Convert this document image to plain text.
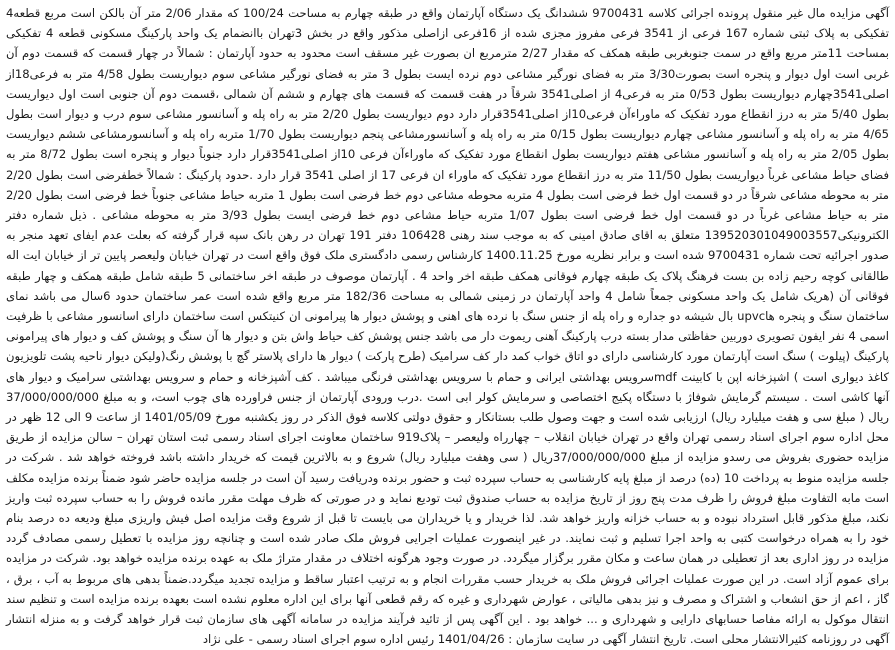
آگهی مزایده مال غیر منقول پرونده اجرائی کلاسه 9700431 ششدانگ یک دستگاه آپارتمان واقع در طبقه چهارم به مساحت 100/24 که مقدار 2/06 متر آن بالکن است مربع قطعه4 تفکیکی به پلاک ثبتی شماره 167 فرعی از 3541 فرعی مفروز مجزی شده از 16فرعی ازاصلی مذکور واقع در بخش 3تهران باانضمام یک واحد پارکینگ مسکونی قطعه 4 تفکیکی بمساحت 11متر مربع واقع در سمت جنوبغربی طبقه همکف که مقدار 2/27 مترمربع ان بصورت غیر مسقف است محدود به حدود آپارتمان : شمالاً در چهار قسمت که قسمت دوم آن غربی است اول دیوار و پنجره است بصورت3/30 متر به فضای نورگیر مشاعی دوم نرده ایست بطول 3 متر به فضای نورگیر مشاعی سوم دیواریست بطول 4/58 متر به فرعی18از اصلی3541چهارم دیواریست بطول 0/53 متر به فرعی4 از اصلی3541 شرقاً در هفت قسمت که قسمت های چهارم و ششم آن شمالی ،قسمت دوم آن جنوبی است اول دیواریست بطول 5/40 متر به درز انقطاع مورد تفکیک که ماوراءآن فرعی10از اصلی3541قرار دارد دوم دیواریست بطول 2/20 متر به راه پله و آسانسور مشاعی سوم درب و دیوار است بطول 4/65 متر به راه پله و آسانسور مشاعی چهارم دیواریست بطول 0/15 متر به راه پله و آسانسورمشاعی پنجم دیواریست بطول 1/70 متربه راه پله و آسانسورمشاعی ششم دیواریست بطول 2/05 متر به راه پله و آسانسور مشاعی هفتم دیواریست بطول انقطاع مورد تفکیک که ماوراءآن فرعی 10از اصلی3541قرار دارد جنوباً دیوار و پنجره است بطول 8/72 متر به فضای حیاط مشاعی غرباً دیواریست بطول 11/50 متر به درز انقطاع مورد تفکیک که ماوراء ان فرعی 17 از اصلی 3541 قرار دارد .حدود پارکینگ : شمالاً خطفرضی است بطول 2/20 متر به محوطه مشاعی شرقاً در دو قسمت اول خط فرضی است بطول 4 متربه محوطه مشاعی دوم خط فرضی است بطول 1 متربه حیاط مشاعی جنوباً خط فرضی است بطول 2/20 متر به حیاط مشاعی غرباً در دو قسمت اول خط فرضی است بطول 1/07 متربه حیاط مشاعی دوم خط فرضی ایست بطول 3/93 متر به محوطه مشاعی . ذیل شماره دفتر الکترونیکی139520301049003557 متعلق به اقای صادق امینی که به موجب سند رهنی 106428 دفتر 191 تهران در رهن بانک سپه قرار گرفته که بعلت عدم ایفای تعهد منجر به صدور اجرائیه تحت شماره 9700431 شده است و برابر نظریه مورخ 1400.11.25 کارشناس رسمی دادگستری ملک فوق واقع است در تهران خیابان ولیعصر پایین تر از خیابان ایت اله طالقانی کوچه رحیم زاده بن بست فرهنگ پلاک یک طبقه چهارم فوقانی همکف طبقه اخر واحد 4 . آپارتمان موصوف در طبقه اخر ساختمانی 5 طبقه شامل طبقه همکف و چهار طبقه فوقانی آن (هریک شامل یک واحد مسکونی جمعاً شامل 4 واحد آپارتمان در زمینی شمالی به مساحت 182/36 متر مربع واقع شده است عمر ساختمان حدود 6سال می باشد نمای ساختمان سنگ و پنجره هاupvc بال شیشه دو جداره و راه پله از جنس سنگ با نرده های اهنی و پوشش دیوار ها پیرامونی ان کنیتکس است ساختمان دارای اسانسور مشاعی با ظرفیت اسمی 4 نفر ایفون تصویری دوربین حفاظتی مدار بسته درب پارکینگ آهنی ریموت دار می باشد جنس پوشش کف حیاط واش بتن و دیوار ها آن سنگ و پوشش کف و دیوار های پیرامونی پارکینگ (پیلوت ) سنگ است آپارتمان مورد کارشناسی دارای دو اتاق خواب کمد دار کف سرامیک (طرح پارکت ) دیوار ها دارای پلاستر گچ با پوشش رنگ(ولیکن دیوار ناحیه پشت تلویزیون کاغذ دیواری است ) اشپزخانه اپن با کابینت mdfسرویس بهداشتی ایرانی و حمام با سرویس بهداشتی فرنگی میباشد . کف آشپزخانه و حمام و سرویس بهداشتی سرامیک و دیوار های آنها کاشی است . سیستم گرمایش شوفاژ با دستگاه پکیج اختصاصی و سرمایش کولر ابی است .درب ورودی آپارتمان از جنس فراورده های چوب است، و به مبلغ 37/000/000/000 ریال ( مبلغ سی و هفت میلیارد ریال) ارزیابی شده است و جهت وصول طلب بستانکار و حقوق دولتی کلاسه فوق الذکر در روز یکشنبه مورخ 1401/05/09 از ساعت 9 الی 12 ظهر در محل اداره سوم اجرای اسناد رسمی تهران واقع در تهران خیابان انقلاب – چهارراه ولیعصر – پلاک919 ساختمان معاونت اجرای اسناد رسمی ثبت استان تهران – سالن مزایده از طریق مزایده حضوری بفروش می رسدو مزایده از مبلغ 37/000/000/000ریال ( سی وهفت میلیارد ریال) شروع و به بالاترین قیمت که خریدار داشته باشد فروخته خواهد شد . شرکت در جلسه مزایده منوط به پرداخت 10 (ده) درصد از مبلغ پایه کارشناسی به حساب سپرده ثبت و حضور برنده ودریافت رسید آن است در جلسه مزایده حاضر شود ضمناً برنده مزایده مکلف است مابه التفاوت مبلغ فروش را ظرف مدت پنج روز از تاریخ مزایده به حساب صندوق ثبت تودیع نماید و در صورتی که ظرف مهلت مقرر مانده فروش را به حساب سپرده ثبت واریز نکند، مبلغ مذکور قابل استرداد نبوده و به حساب خزانه واریز خواهد شد. لذا خریدار و یا خریداران می بایست تا قبل از شروع وقت مزایده اصل فیش واریزی مبلغ ودیعه ده درصد بنام خود را به همراه درخواست کتبی به واحد اجرا تسلیم و ثبت نمایند. در غیر اینصورت عملیات اجرایی فروش ملک صادر شده است و چنانچه روز مزایده با تعطیل رسمی مصادف گردد مزایده در روز اداری بعد از تعطیلی در همان ساعت و مکان مقرر برگزار میگردد. در صورت وجود هرگونه اختلاف در مقدار متراژ ملک به عهده برنده مزایده خواهد بود. شرکت در مزایده برای عموم آزاد است. در این صورت عملیات اجرائی فروش ملک به خریدار حسب مقررات انجام و به ترتیب اعتبار ساقط و مزایده تجدید میگردد.ضمناً بدهی های مربوط به آب ، برق ، گاز ، اعم از حق انشعاب و اشتراک و مصرف و نیز بدهی مالیاتی ، عوارض شهرداری و غیره که رقم قطعی آنها برای این اداره معلوم نشده است بعهده برنده مزایده است و تنظیم سند انتقال موکول به ارائه مفاصا حسابهای دارایی و شهرداری و ... خواهد بود . این آگهی پس از تائید فرآیند مزایده در سامانه آگهی های سازمان ثبت قرار خواهد گرفت و به منزله انتشار آگهی در روزنامه کثیرالانتشار محلی است. تاریخ انتشار آگهی در سایت سازمان : 1401/04/26 رئیس اداره سوم اجرای اسناد رسمی - علی نژاد
